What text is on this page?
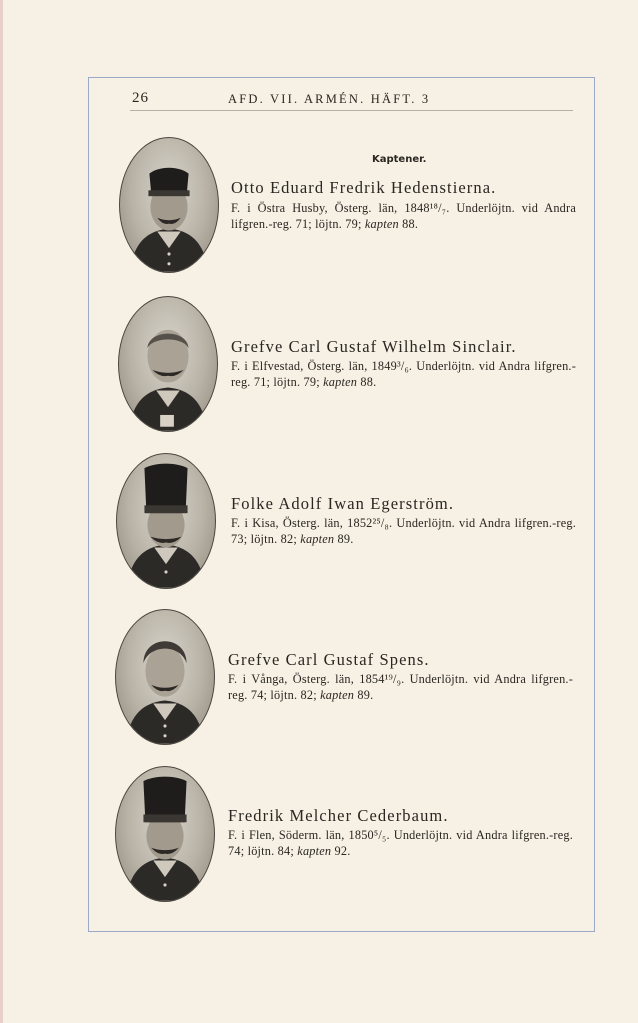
26	AFD. VII. ARMÉN. HÄFT. 3
Kaptener.
Otto Eduard Fredrik Hedenstierna.
F. i Östra Husby, Österg. län, 1848¹⁸/₇. Underlöjtn. vid Andra lifgren.-reg. 71; löjtn. 79; kapten 88.
Grefve Carl Gustaf Wilhelm Sinclair.
F. i Elfvestad, Österg. län, 1849³/₆. Underlöjtn. vid Andra lifgren.-reg. 71; löjtn. 79; kapten 88.
Folke Adolf Iwan Egerström.
F. i Kisa, Österg. län, 1852²⁵/₈. Underlöjtn. vid Andra lifgren.-reg. 73; löjtn. 82; kapten 89.
Grefve Carl Gustaf Spens.
F. i Vånga, Österg. län, 1854¹⁹/₉. Underlöjtn. vid Andra lifgren.-reg. 74; löjtn. 82; kapten 89.
Fredrik Melcher Cederbaum.
F. i Flen, Söderm. län, 1850⁵/₅. Underlöjtn. vid Andra lifgren.-reg. 74; löjtn. 84; kapten 92.
